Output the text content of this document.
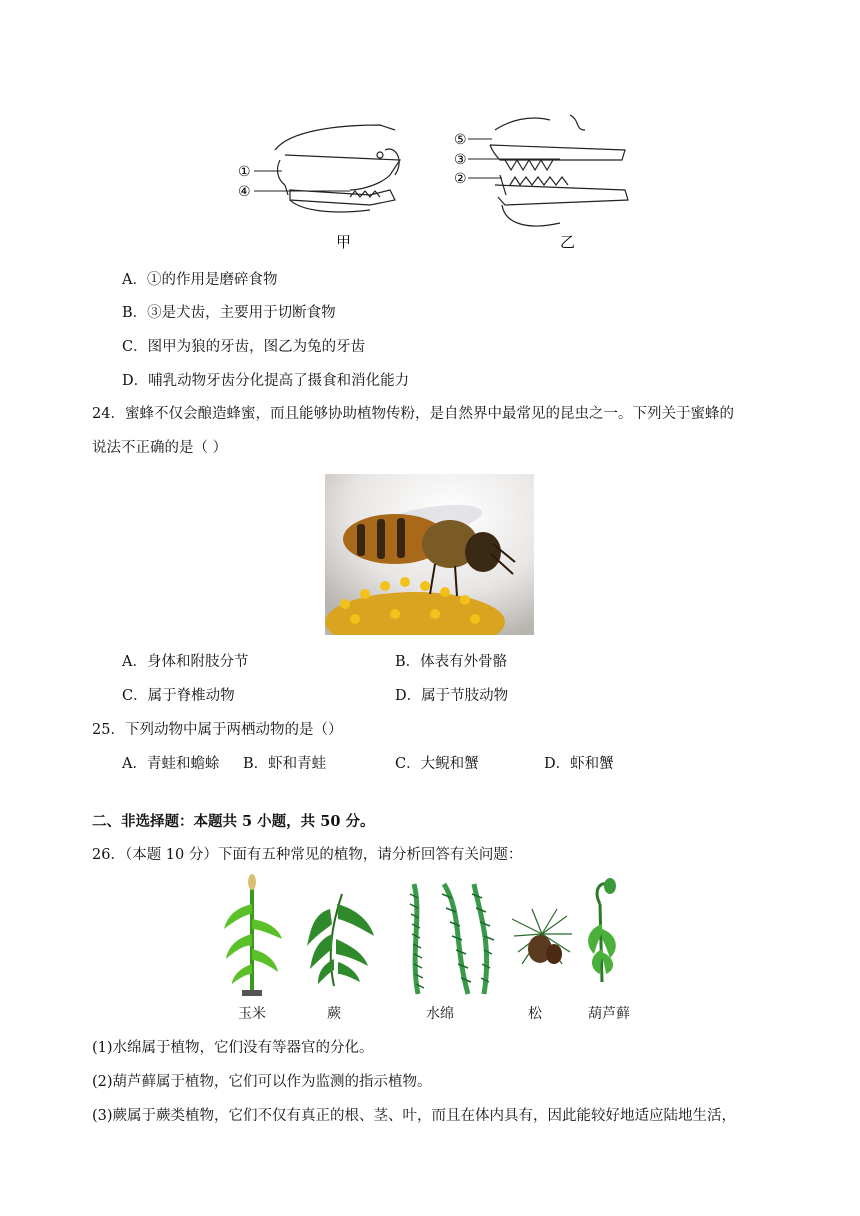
①
④
⑤
③
②
甲	乙
A．①的作用是磨碎食物
B．③是犬齿，主要用于切断食物
C．图甲为狼的牙齿，图乙为兔的牙齿
D．哺乳动物牙齿分化提高了摄食和消化能力
24．蜜蜂不仅会酿造蜂蜜，而且能够协助植物传粉，是自然界中最常见的昆虫之一。下列关于蜜蜂的
说法不正确的是（ ）
A．身体和附肢分节	B．体表有外骨骼
C．属于脊椎动物	D．属于节肢动物
25．下列动物中属于两栖动物的是（）
A．青蛙和蟾蜍 B．虾和青蛙	C．大鲵和蟹	D．虾和蟹
二、非选择题：本题共 5 小题，共 50 分。
26．（本题 10 分）下面有五种常见的植物，请分析回答有关问题：
玉米	蕨	水绵	松	葫芦藓
(1)水绵属于植物，它们没有等器官的分化。
(2)葫芦藓属于植物，它们可以作为监测的指示植物。
(3)蕨属于蕨类植物，它们不仅有真正的根、茎、叶，而且在体内具有，因此能较好地适应陆地生活，
